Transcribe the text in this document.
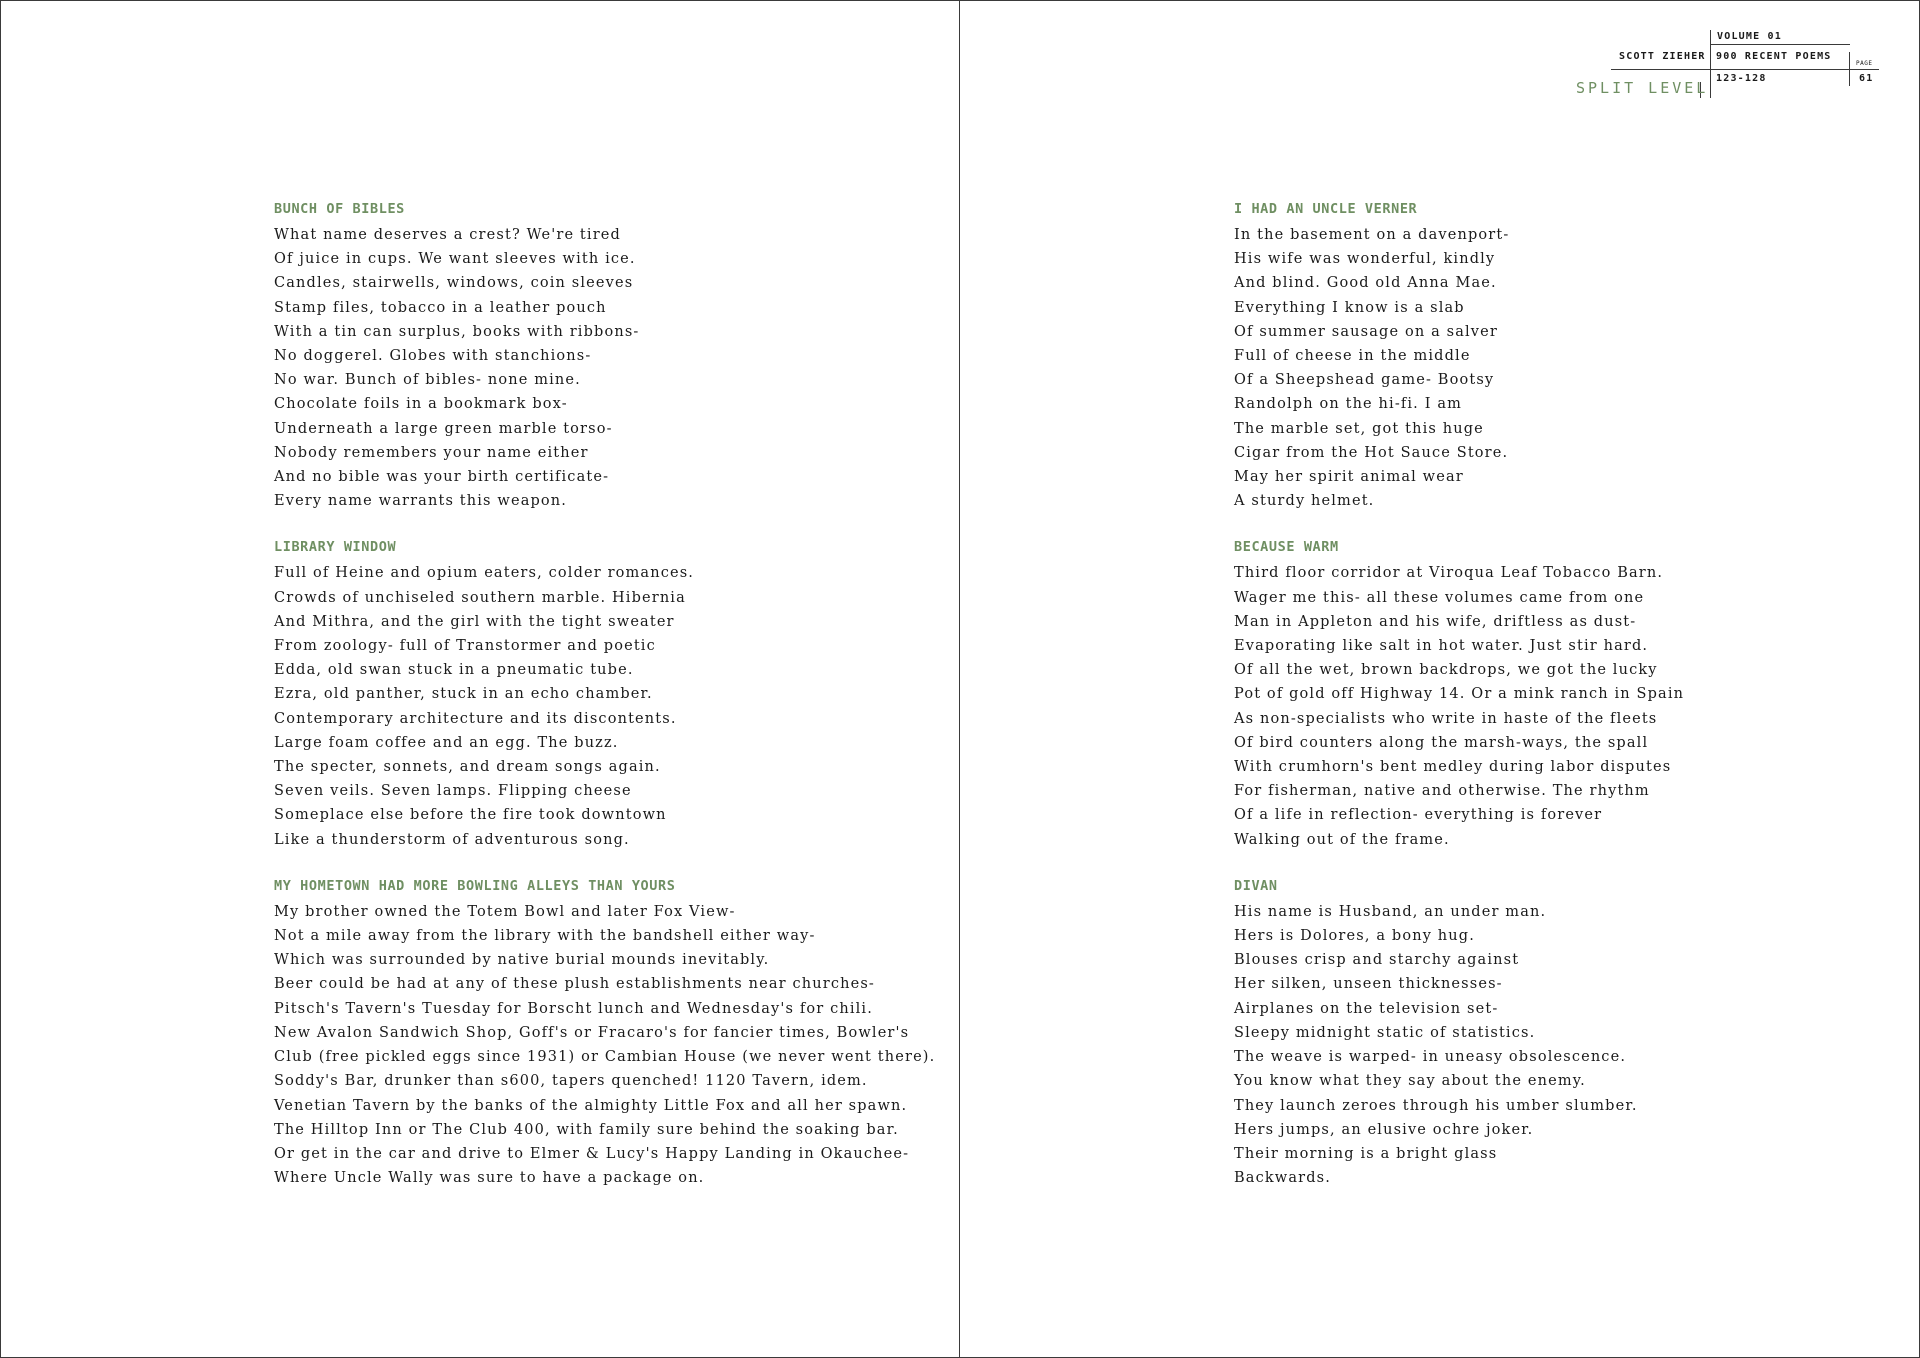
VOLUME 01
SCOTT ZIEHER 900 RECENT POEMS
123-128
PAGE
61
SPLIT LEVEL
BUNCH OF BIBLES
What name deserves a crest? We're tired
Of juice in cups. We want sleeves with ice.
Candles, stairwells, windows, coin sleeves
Stamp files, tobacco in a leather pouch
With a tin can surplus, books with ribbons-
No doggerel. Globes with stanchions-
No war. Bunch of bibles- none mine.
Chocolate foils in a bookmark box-
Underneath a large green marble torso-
Nobody remembers your name either
And no bible was your birth certificate-
Every name warrants this weapon.
LIBRARY WINDOW
Full of Heine and opium eaters, colder romances.
Crowds of unchiseled southern marble. Hibernia
And Mithra, and the girl with the tight sweater
From zoology- full of Transtormer and poetic
Edda, old swan stuck in a pneumatic tube.
Ezra, old panther, stuck in an echo chamber.
Contemporary architecture and its discontents.
Large foam coffee and an egg. The buzz.
The specter, sonnets, and dream songs again.
Seven veils. Seven lamps. Flipping cheese
Someplace else before the fire took downtown
Like a thunderstorm of adventurous song.
MY HOMETOWN HAD MORE BOWLING ALLEYS THAN YOURS
My brother owned the Totem Bowl and later Fox View-
Not a mile away from the library with the bandshell either way-
Which was surrounded by native burial mounds inevitably.
Beer could be had at any of these plush establishments near churches-
Pitsch's Tavern's Tuesday for Borscht lunch and Wednesday's for chili.
New Avalon Sandwich Shop, Goff's or Fracaro's for fancier times, Bowler's
Club (free pickled eggs since 1931) or Cambian House (we never went there).
Soddy's Bar, drunker than s600, tapers quenched! 1120 Tavern, idem.
Venetian Tavern by the banks of the almighty Little Fox and all her spawn.
The Hilltop Inn or The Club 400, with family sure behind the soaking bar.
Or get in the car and drive to Elmer & Lucy's Happy Landing in Okauchee-
Where Uncle Wally was sure to have a package on.
I HAD AN UNCLE VERNER
In the basement on a davenport-
His wife was wonderful, kindly
And blind. Good old Anna Mae.
Everything I know is a slab
Of summer sausage on a salver
Full of cheese in the middle
Of a Sheepshead game- Bootsy
Randolph on the hi-fi. I am
The marble set, got this huge
Cigar from the Hot Sauce Store.
May her spirit animal wear
A sturdy helmet.
BECAUSE WARM
Third floor corridor at Viroqua Leaf Tobacco Barn.
Wager me this- all these volumes came from one
Man in Appleton and his wife, driftless as dust-
Evaporating like salt in hot water. Just stir hard.
Of all the wet, brown backdrops, we got the lucky
Pot of gold off Highway 14. Or a mink ranch in Spain
As non-specialists who write in haste of the fleets
Of bird counters along the marsh-ways, the spall
With crumhorn's bent medley during labor disputes
For fisherman, native and otherwise. The rhythm
Of a life in reflection- everything is forever
Walking out of the frame.
DIVAN
His name is Husband, an under man.
Hers is Dolores, a bony hug.
Blouses crisp and starchy against
Her silken, unseen thicknesses-
Airplanes on the television set-
Sleepy midnight static of statistics.
The weave is warped- in uneasy obsolescence.
You know what they say about the enemy.
They launch zeroes through his umber slumber.
Hers jumps, an elusive ochre joker.
Their morning is a bright glass
Backwards.
